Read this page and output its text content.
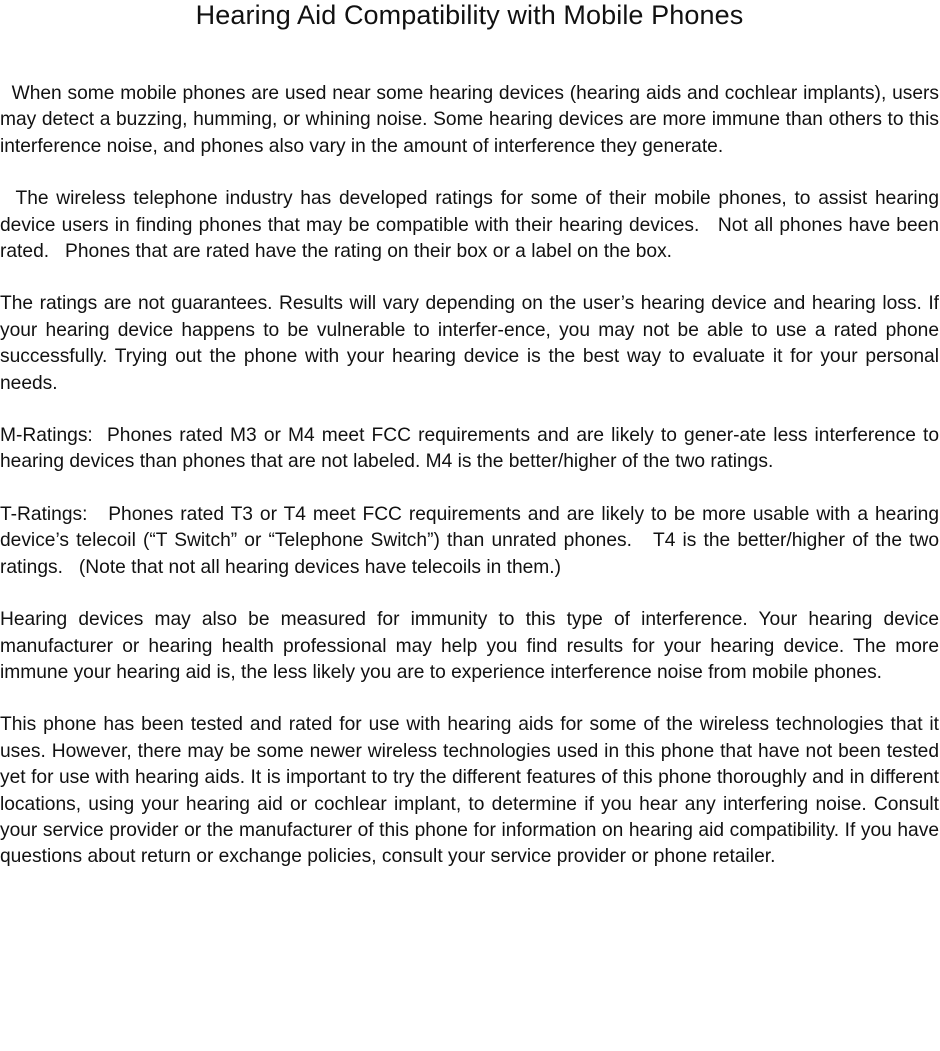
Hearing Aid Compatibility with Mobile Phones

When some mobile phones are used near some hearing devices (hearing aids and cochlear implants), users may detect a buzzing, humming, or whining noise. Some hearing devices are more immune than others to this interference noise, and phones also vary in the amount of interference they generate.

The wireless telephone industry has developed ratings for some of their mobile phones, to assist hearing device users in finding phones that may be compatible with their hearing devices.   Not all phones have been rated.   Phones that are rated have the rating on their box or a label on the box.

The ratings are not guarantees. Results will vary depending on the user’s hearing device and hearing loss. If your hearing device happens to be vulnerable to interfer-ence, you may not be able to use a rated phone successfully. Trying out the phone with your hearing device is the best way to evaluate it for your personal needs.

M-Ratings:  Phones rated M3 or M4 meet FCC requirements and are likely to gener-ate less interference to hearing devices than phones that are not labeled. M4 is the better/higher of the two ratings.

T-Ratings:   Phones rated T3 or T4 meet FCC requirements and are likely to be more usable with a hearing device’s telecoil (“T Switch” or “Telephone Switch”) than unrated phones.   T4 is the better/higher of the two ratings.   (Note that not all hearing devices have telecoils in them.)

Hearing devices may also be measured for immunity to this type of interference. Your hearing device manufacturer or hearing health professional may help you find results for your hearing device. The more immune your hearing aid is, the less likely you are to experience interference noise from mobile phones.

This phone has been tested and rated for use with hearing aids for some of the wireless technologies that it uses. However, there may be some newer wireless technologies used in this phone that have not been tested yet for use with hearing aids. It is important to try the different features of this phone thoroughly and in different locations, using your hearing aid or cochlear implant, to determine if you hear any interfering noise. Consult your service provider or the manufacturer of this phone for information on hearing aid compatibility. If you have questions about return or exchange policies, consult your service provider or phone retailer.
